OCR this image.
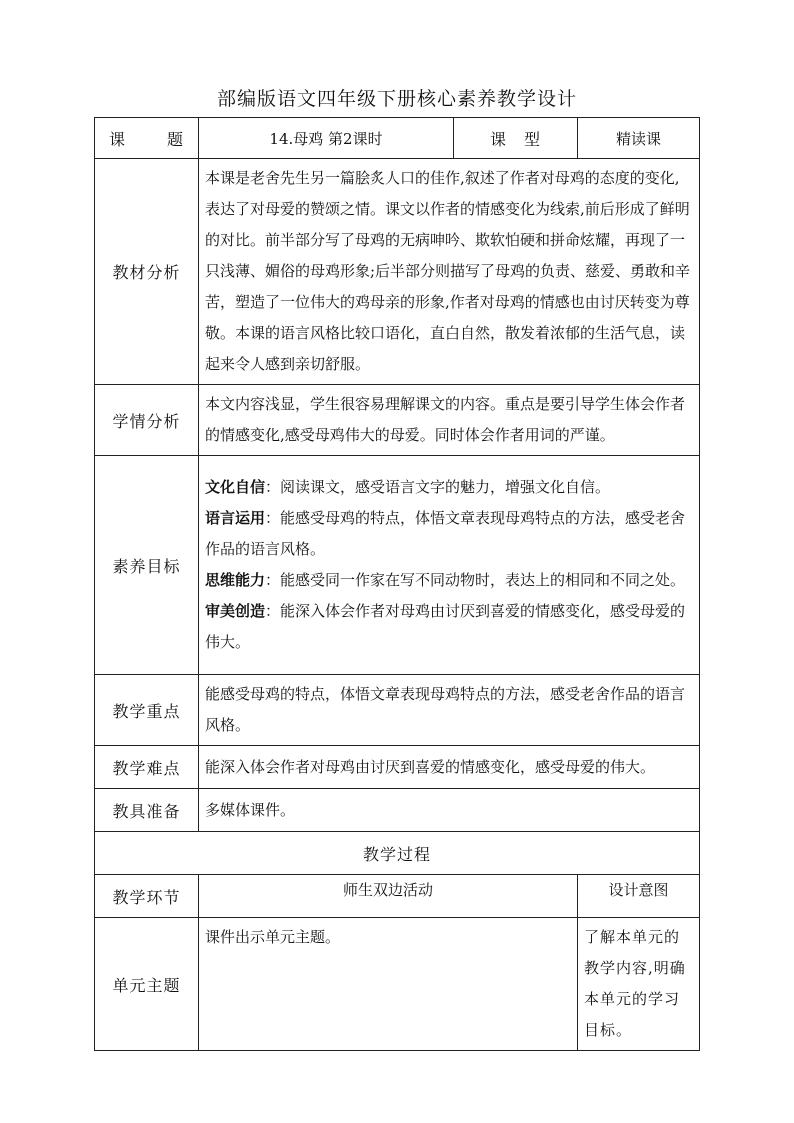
部编版语文四年级下册核心素养教学设计
课　　题	14.母鸡 第2课时	课　型	精读课
教材分析	本课是老舍先生另一篇脍炙人口的佳作,叙述了作者对母鸡的态度的变化,表达了对母爱的赞颂之情。课文以作者的情感变化为线索,前后形成了鲜明的对比。前半部分写了母鸡的无病呻吟、欺软怕硬和拼命炫耀，再现了一只浅薄、媚俗的母鸡形象;后半部分则描写了母鸡的负责、慈爱、勇敢和辛苦，塑造了一位伟大的鸡母亲的形象,作者对母鸡的情感也由讨厌转变为尊敬。本课的语言风格比较口语化，直白自然，散发着浓郁的生活气息，读起来令人感到亲切舒服。		
学情分析	本文内容浅显，学生很容易理解课文的内容。重点是要引导学生体会作者的情感变化,感受母鸡伟大的母爱。同时体会作者用词的严谨。		
素养目标	文化自信：阅读课文，感受语言文字的魅力，增强文化自信。
语言运用：能感受母鸡的特点，体悟文章表现母鸡特点的方法，感受老舍作品的语言风格。
思维能力：能感受同一作家在写不同动物时，表达上的相同和不同之处。
审美创造：能深入体会作者对母鸡由讨厌到喜爱的情感变化，感受母爱的伟大。		

教学重点	能感受母鸡的特点，体悟文章表现母鸡特点的方法，感受老舍作品的语言风格。		
教学难点	能深入体会作者对母鸡由讨厌到喜爱的情感变化，感受母爱的伟大。		
教具准备	多媒体课件。		
教学过程			
教学环节	师生双边活动		设计意图
单元主题	课件出示单元主题。		了解本单元的教学内容,明确本单元的学习目标。
